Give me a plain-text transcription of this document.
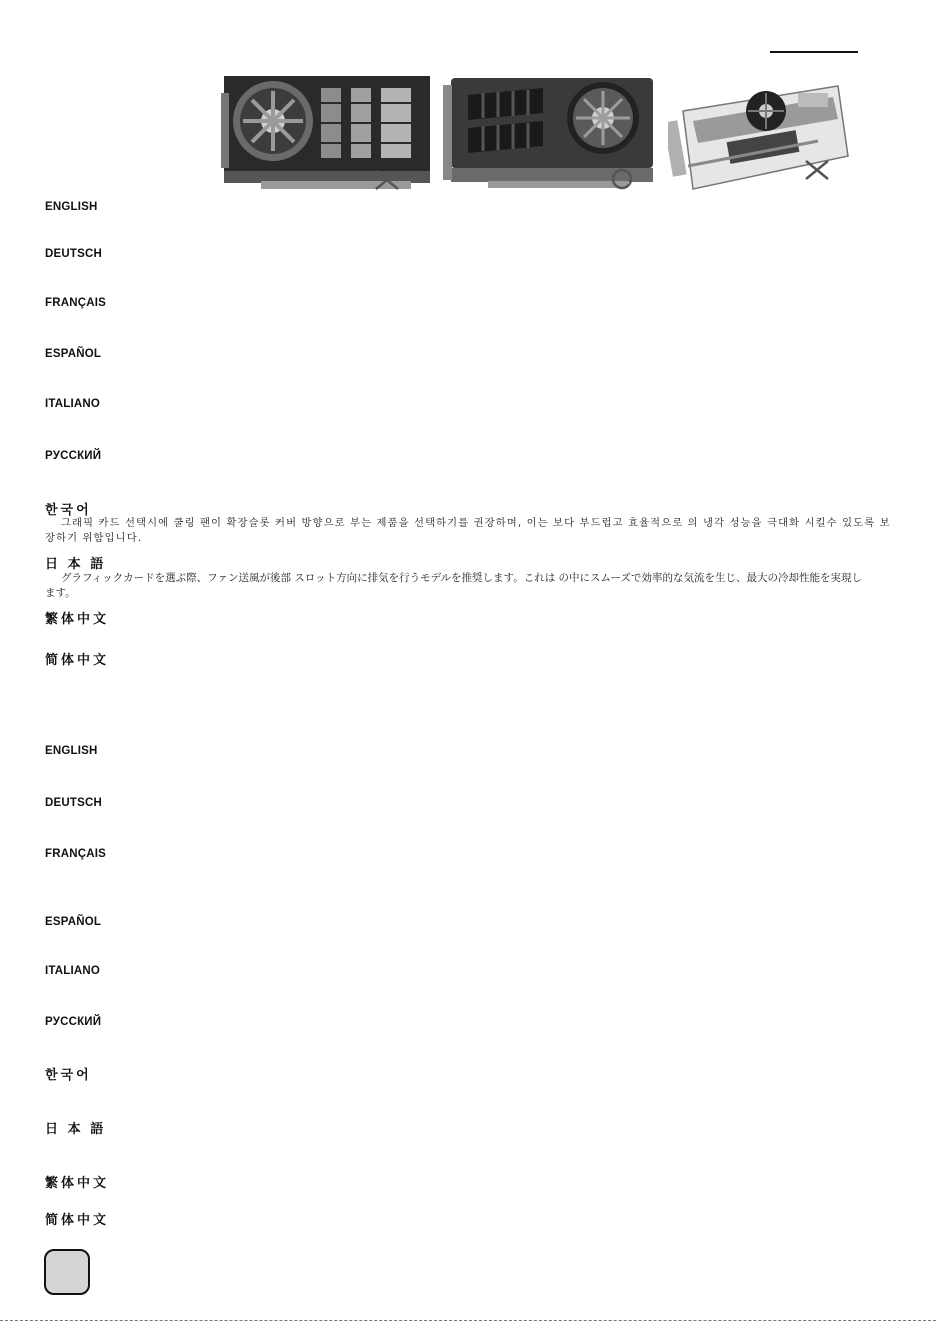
ENGLISH
DEUTSCH
FRANÇAIS
ESPAÑOL
ITALIANO
РУССКИЙ
한국어
그래픽 카드 선택시에 쿨링 팬이 확장슬롯 커버 방향으로 부는 제품을 선택하기를 권장하며, 이는 보다 부드럽고 효율적으로 의 냉각 성능을 극대화 시킬수 있도록 보장하기 위함입니다.
日 本 語
グラフィックカードを選ぶ際、ファン送風が後部 スロット方向に排気を行うモデルを推奨します。これは の中にスムーズで効率的な気流を生じ、最大の冷却性能を実現します。
繁体中文
简体中文
ENGLISH
DEUTSCH
FRANÇAIS
ESPAÑOL
ITALIANO
РУССКИЙ
한국어
日 本 語
繁体中文
简体中文
